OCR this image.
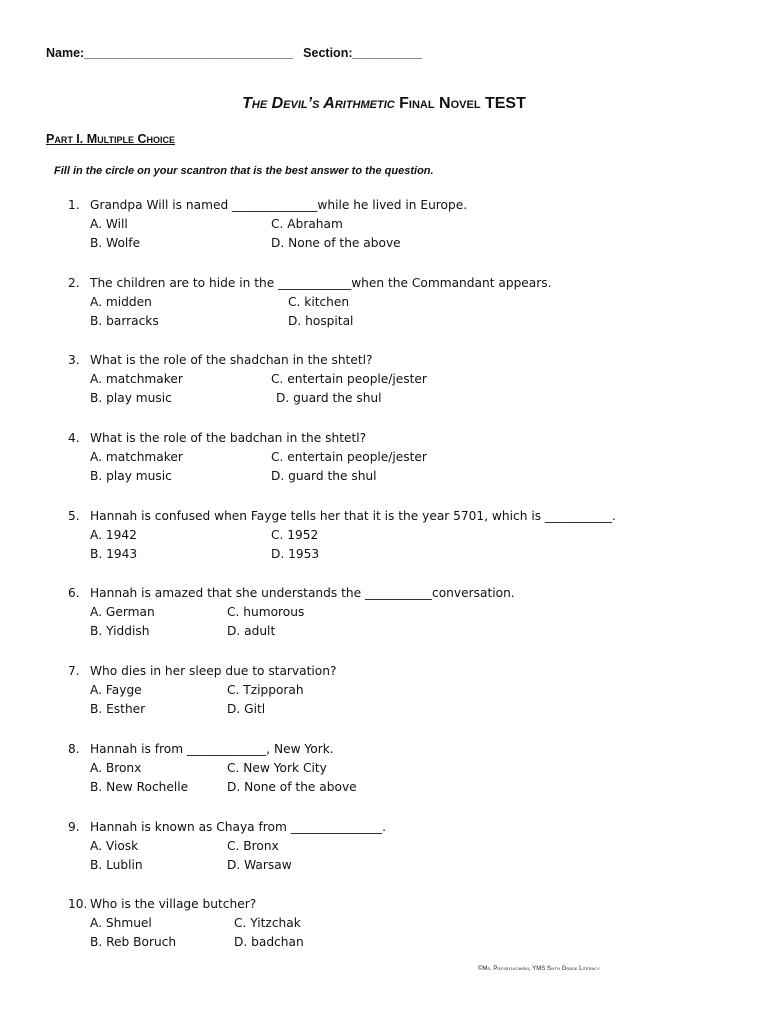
Name:______________________________   Section:__________
The Devil’s Arithmetic Final Novel TEST
Part I. Multiple Choice
Fill in the circle on your scantron that is the best answer to the question.
1. Grandpa Will is named ______________while he lived in Europe.
A. Will	C. Abraham
B. Wolfe	D. None of the above
2. The children are to hide in the ____________when the Commandant appears.
A. midden	C. kitchen
B. barracks	D. hospital
3. What is the role of the shadchan in the shtetl?
A. matchmaker	C. entertain people/jester
B. play music	D. guard the shul
4. What is the role of the badchan in the shtetl?
A. matchmaker	C. entertain people/jester
B. play music	D. guard the shul
5. Hannah is confused when Fayge tells her that it is the year 5701, which is ___________.
A. 1942	C. 1952
B. 1943	D. 1953
6. Hannah is amazed that she understands the ___________conversation.
A. German	C. humorous
B. Yiddish	D. adult
7. Who dies in her sleep due to starvation?
A. Fayge	C. Tzipporah
B. Esther	D. Gitl
8. Hannah is from _____________, New York.
A. Bronx	C. New York City
B. New Rochelle	D. None of the above
9. Hannah is known as Chaya from _______________.
A. Viosk	C. Bronx
B. Lublin	D. Warsaw
10. Who is the village butcher?
A. Shmuel	C. Yitzchak
B. Reb Boruch	D. badchan
©Ms. Przybylkowski, YMS Sixth Grade Literacy
